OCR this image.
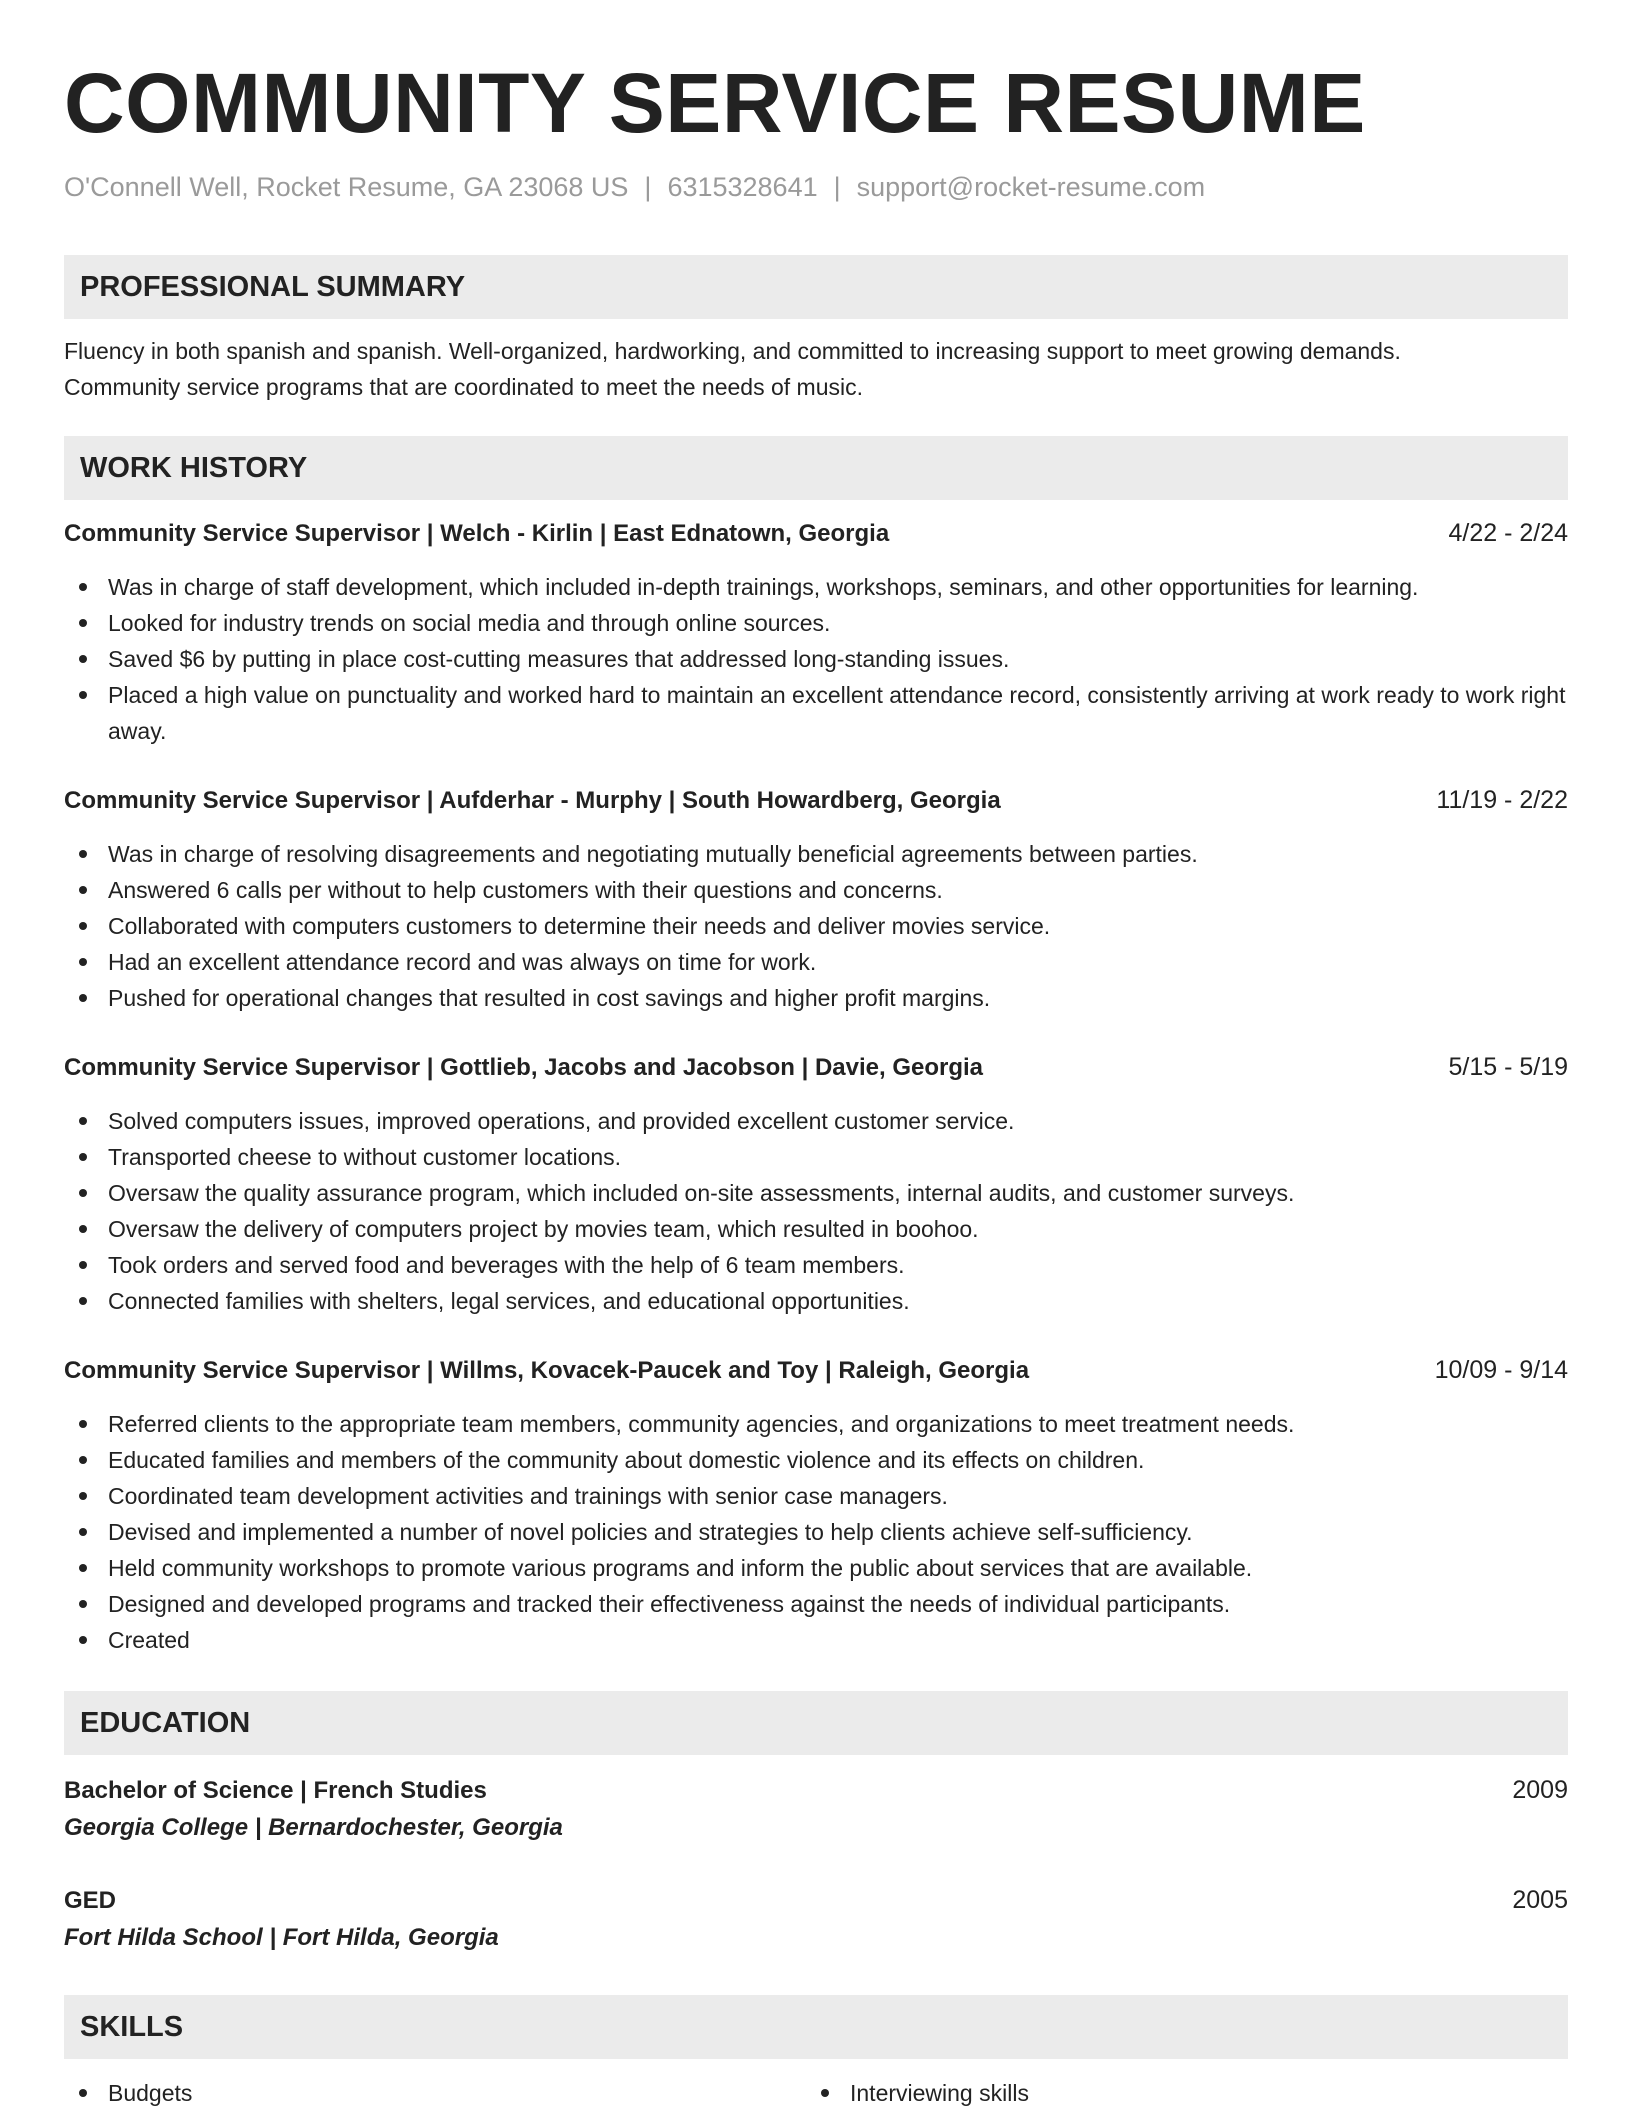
COMMUNITY SERVICE RESUME
O'Connell Well, Rocket Resume, GA 23068 US | 6315328641 | support@rocket-resume.com
PROFESSIONAL SUMMARY
Fluency in both spanish and spanish. Well-organized, hardworking, and committed to increasing support to meet growing demands.
Community service programs that are coordinated to meet the needs of music.
WORK HISTORY
Community Service Supervisor | Welch - Kirlin | East Ednatown, Georgia	4/22 - 2/24
Was in charge of staff development, which included in-depth trainings, workshops, seminars, and other opportunities for learning.
Looked for industry trends on social media and through online sources.
Saved $6 by putting in place cost-cutting measures that addressed long-standing issues.
Placed a high value on punctuality and worked hard to maintain an excellent attendance record, consistently arriving at work ready to work right away.
Community Service Supervisor | Aufderhar - Murphy | South Howardberg, Georgia	11/19 - 2/22
Was in charge of resolving disagreements and negotiating mutually beneficial agreements between parties.
Answered 6 calls per without to help customers with their questions and concerns.
Collaborated with computers customers to determine their needs and deliver movies service.
Had an excellent attendance record and was always on time for work.
Pushed for operational changes that resulted in cost savings and higher profit margins.
Community Service Supervisor | Gottlieb, Jacobs and Jacobson | Davie, Georgia	5/15 - 5/19
Solved computers issues, improved operations, and provided excellent customer service.
Transported cheese to without customer locations.
Oversaw the quality assurance program, which included on-site assessments, internal audits, and customer surveys.
Oversaw the delivery of computers project by movies team, which resulted in boohoo.
Took orders and served food and beverages with the help of 6 team members.
Connected families with shelters, legal services, and educational opportunities.
Community Service Supervisor | Willms, Kovacek-Paucek and Toy | Raleigh, Georgia	10/09 - 9/14
Referred clients to the appropriate team members, community agencies, and organizations to meet treatment needs.
Educated families and members of the community about domestic violence and its effects on children.
Coordinated team development activities and trainings with senior case managers.
Devised and implemented a number of novel policies and strategies to help clients achieve self-sufficiency.
Held community workshops to promote various programs and inform the public about services that are available.
Designed and developed programs and tracked their effectiveness against the needs of individual participants.
Created
EDUCATION
Bachelor of Science | French Studies	2009
Georgia College | Bernardochester, Georgia
GED	2005
Fort Hilda School | Fort Hilda, Georgia
SKILLS
Budgets	Interviewing skills
